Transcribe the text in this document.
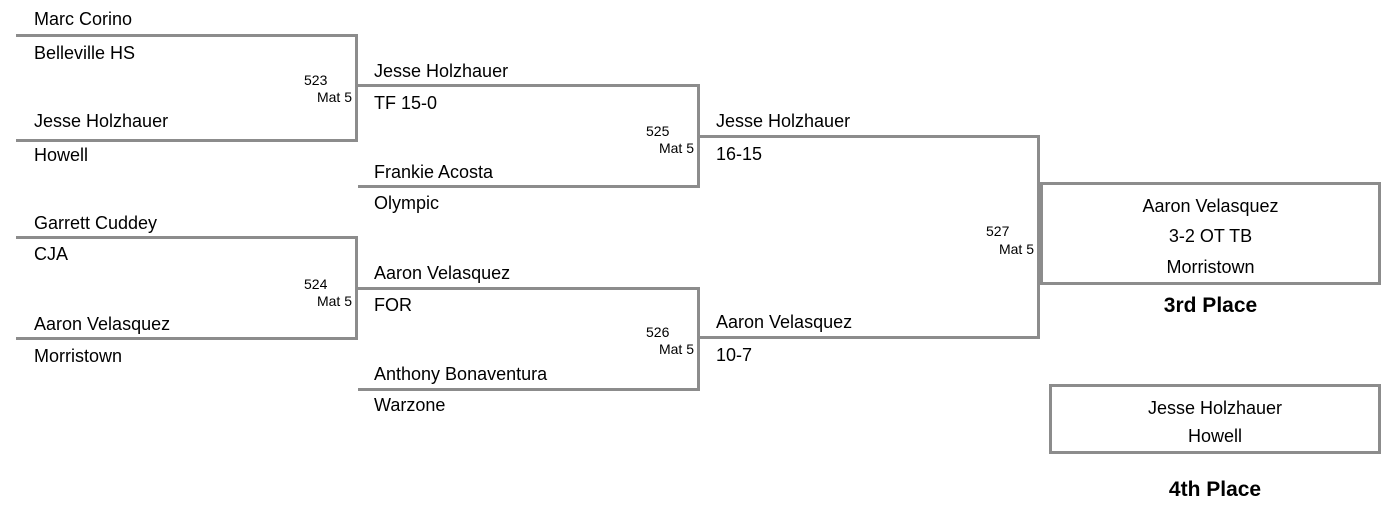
Marc Corino
Belleville HS
523
Mat 5
Jesse Holzhauer
Howell
Garrett Cuddey
CJA
524
Mat 5
Aaron Velasquez
Morristown
Jesse Holzhauer
TF 15-0
525
Mat 5
Frankie Acosta
Olympic
Aaron Velasquez
FOR
526
Mat 5
Anthony Bonaventura
Warzone
Jesse Holzhauer
16-15
527
Mat 5
Aaron Velasquez
10-7
Aaron Velasquez
3-2 OT TB
Morristown
3rd Place
Jesse Holzhauer
Howell
4th Place
